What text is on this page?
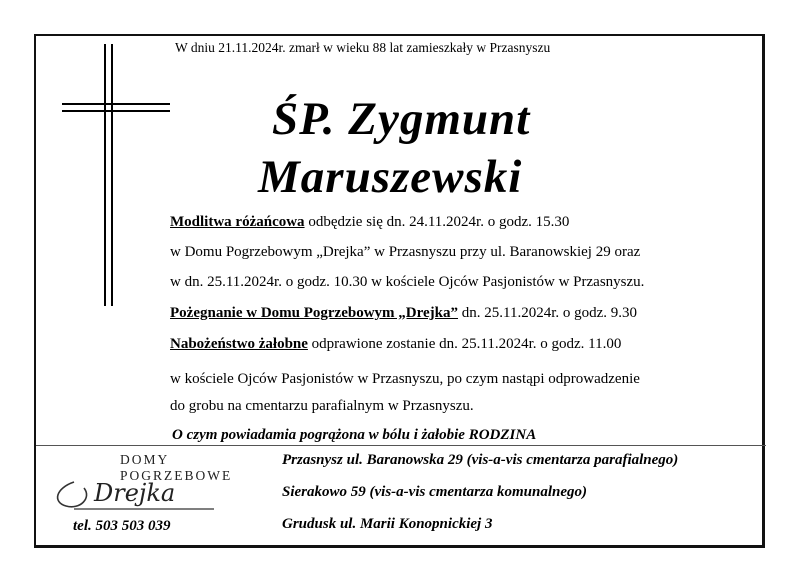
W dniu 21.11.2024r. zmarł w wieku 88 lat zamieszkały w Przasnyszu
ŚP. Zygmunt
Maruszewski
Modlitwa różańcowa odbędzie się dn. 24.11.2024r. o godz. 15.30
w Domu Pogrzebowym „Drejka” w Przasnyszu przy ul. Baranowskiej 29 oraz
w dn. 25.11.2024r. o godz. 10.30 w kościele Ojców Pasjonistów w Przasnyszu.
Pożegnanie w Domu Pogrzebowym „Drejka” dn. 25.11.2024r. o godz. 9.30
Nabożeństwo żałobne odprawione zostanie dn. 25.11.2024r. o godz. 11.00
w kościele Ojców Pasjonistów w Przasnyszu, po czym nastąpi odprowadzenie
do grobu na cmentarzu parafialnym w Przasnyszu.
O czym powiadamia pogrążona w bólu i żałobie RODZINA
DOMY
POGRZEBOWE
Drejka
tel. 503 503 039
Przasnysz ul. Baranowska 29 (vis-a-vis cmentarza parafialnego)
Sierakowo 59 (vis-a-vis cmentarza komunalnego)
Grudusk ul. Marii Konopnickiej 3
